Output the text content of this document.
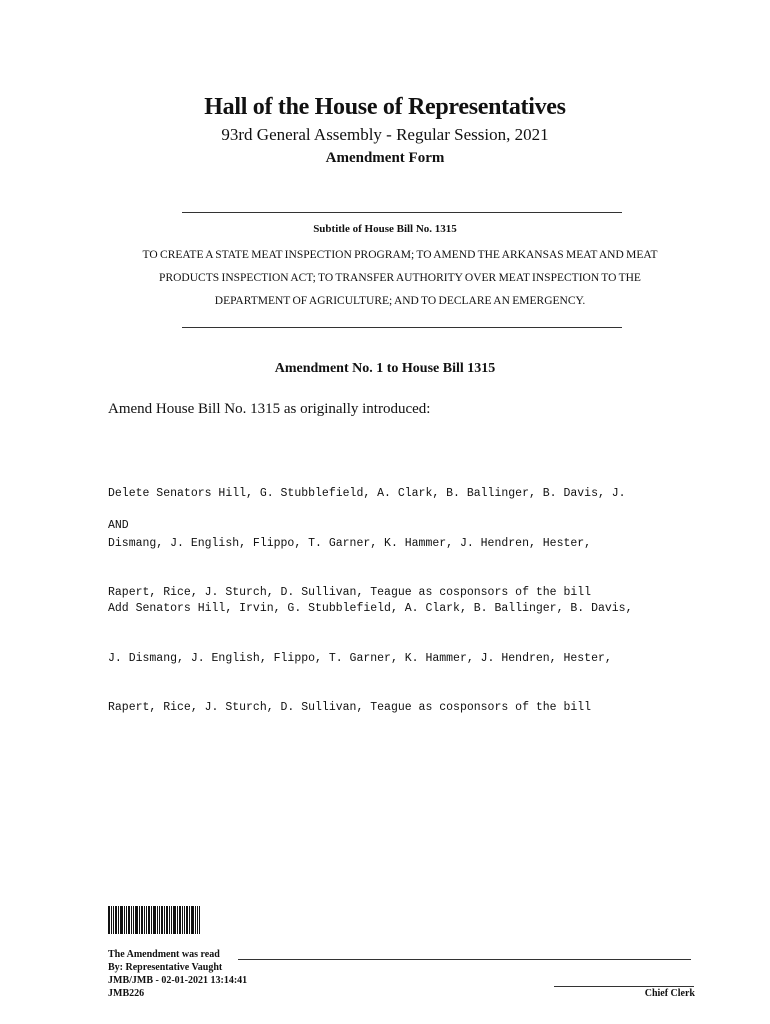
Hall of the House of Representatives
93rd General Assembly - Regular Session, 2021
Amendment Form
Subtitle of House Bill No. 1315
TO CREATE A STATE MEAT INSPECTION PROGRAM; TO AMEND THE ARKANSAS MEAT AND MEAT
PRODUCTS INSPECTION ACT; TO TRANSFER AUTHORITY OVER MEAT INSPECTION TO THE
DEPARTMENT OF AGRICULTURE; AND TO DECLARE AN EMERGENCY.
Amendment No. 1 to House Bill 1315
Amend House Bill No. 1315 as originally introduced:

Delete Senators Hill, G. Stubblefield, A. Clark, B. Ballinger, B. Davis, J.

Dismang, J. English, Flippo, T. Garner, K. Hammer, J. Hendren, Hester,

Rapert, Rice, J. Sturch, D. Sullivan, Teague as cosponsors of the bill

AND

Add Senators Hill, Irvin, G. Stubblefield, A. Clark, B. Ballinger, B. Davis,

J. Dismang, J. English, Flippo, T. Garner, K. Hammer, J. Hendren, Hester,

Rapert, Rice, J. Sturch, D. Sullivan, Teague as cosponsors of the bill

The Amendment was read
By: Representative Vaught
JMB/JMB - 02-01-2021 13:14:41
JMB226	Chief Clerk
